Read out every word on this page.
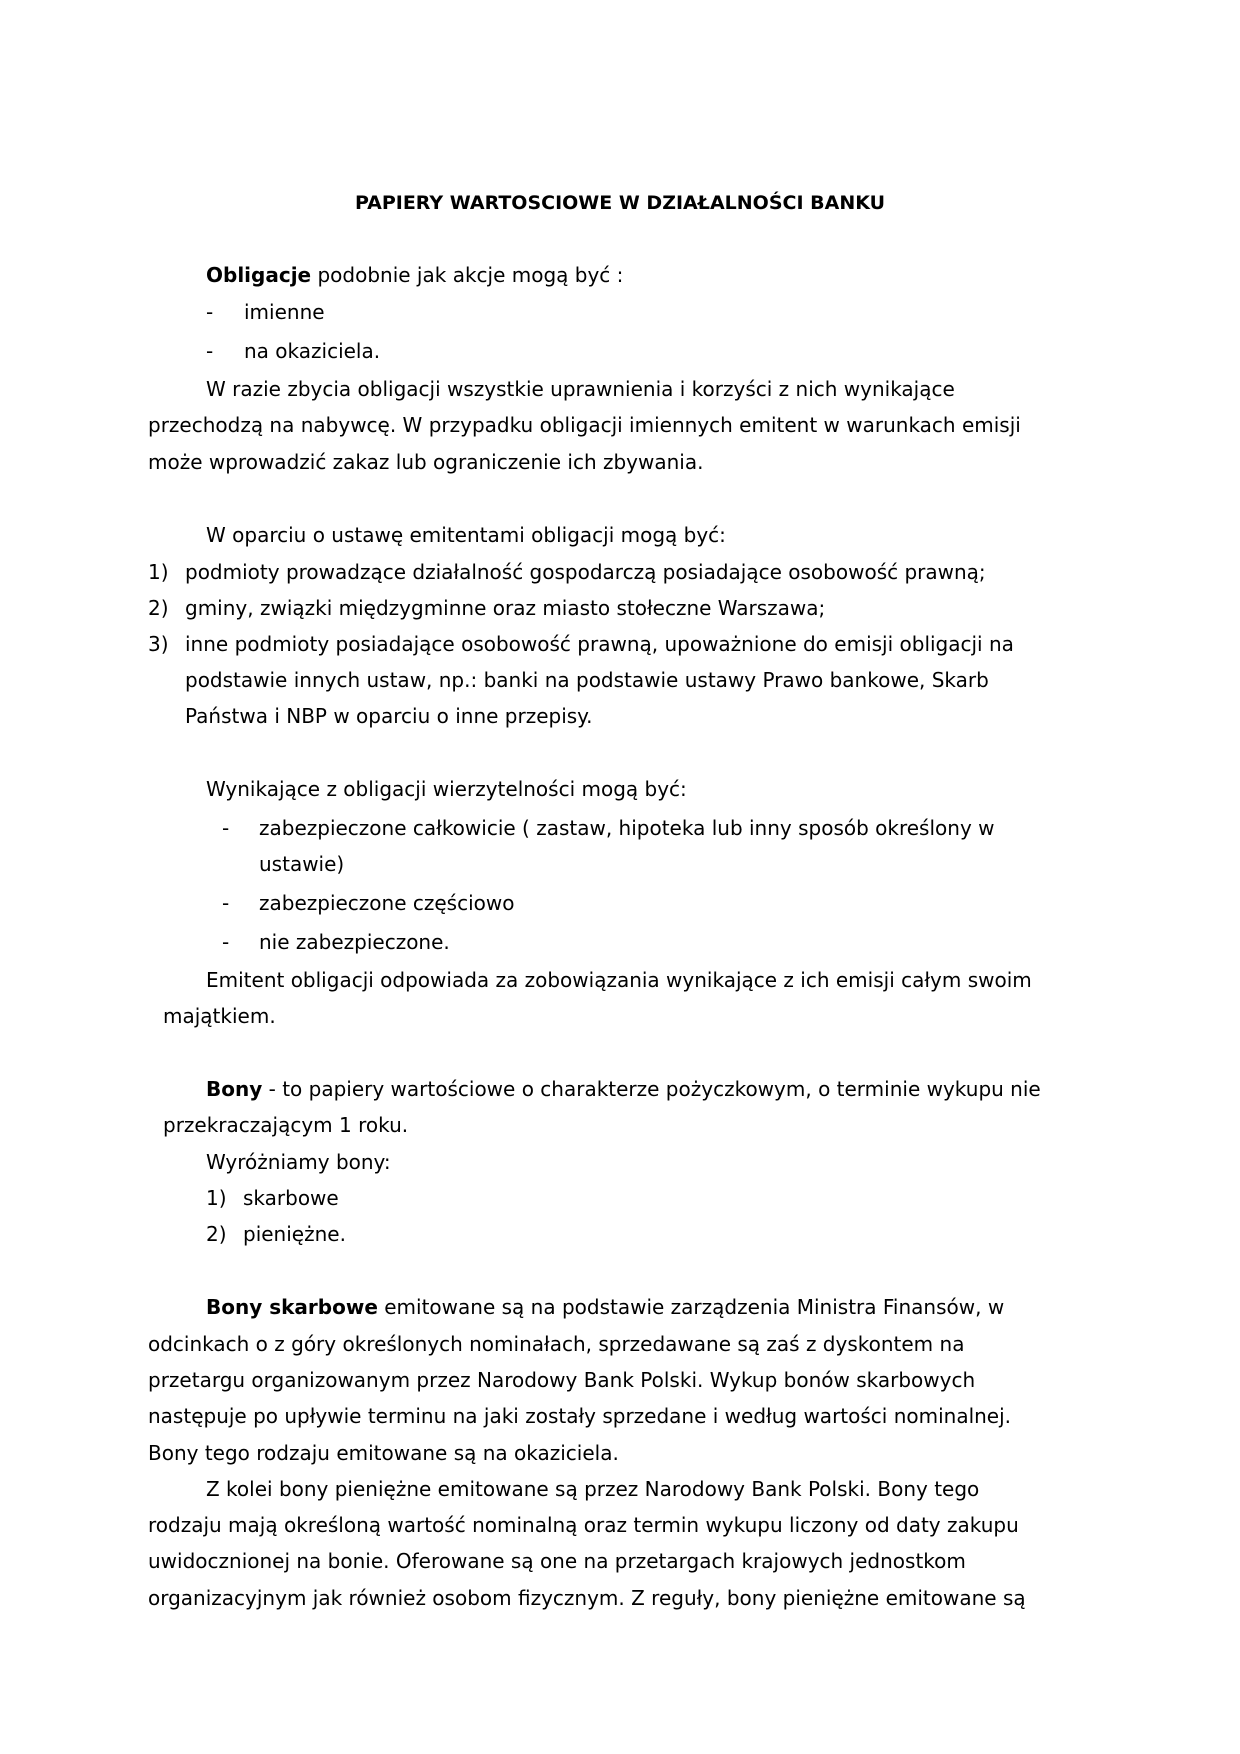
PAPIERY WARTOSCIOWE W DZIAŁALNOŚCI BANKU
Obligacje podobnie jak akcje mogą być :
- imienne
- na okaziciela.
W razie zbycia obligacji wszystkie uprawnienia i korzyści z nich wynikające
przechodzą na nabywcę. W przypadku obligacji imiennych emitent w warunkach emisji
może wprowadzić zakaz lub ograniczenie ich zbywania.
W oparciu o ustawę emitentami obligacji mogą być:
1) podmioty prowadzące działalność gospodarczą posiadające osobowość prawną;
2) gminy, związki międzygminne oraz miasto stołeczne Warszawa;
3) inne podmioty posiadające osobowość prawną, upoważnione do emisji obligacji na
podstawie innych ustaw, np.: banki na podstawie ustawy Prawo bankowe, Skarb
Państwa i NBP w oparciu o inne przepisy.
Wynikające z obligacji wierzytelności mogą być:
- zabezpieczone całkowicie ( zastaw, hipoteka lub inny sposób określony w
ustawie)
- zabezpieczone częściowo
- nie zabezpieczone.
Emitent obligacji odpowiada za zobowiązania wynikające z ich emisji całym swoim
majątkiem.
Bony - to papiery wartościowe o charakterze pożyczkowym, o terminie wykupu nie
przekraczającym 1 roku.
Wyróżniamy bony:
1) skarbowe
2) pieniężne.
Bony skarbowe emitowane są na podstawie zarządzenia Ministra Finansów, w
odcinkach o z góry określonych nominałach, sprzedawane są zaś z dyskontem na
przetargu organizowanym przez Narodowy Bank Polski. Wykup bonów skarbowych
następuje po upływie terminu na jaki zostały sprzedane i według wartości nominalnej.
Bony tego rodzaju emitowane są na okaziciela.
Z kolei bony pieniężne emitowane są przez Narodowy Bank Polski. Bony tego
rodzaju mają określoną wartość nominalną oraz termin wykupu liczony od daty zakupu
uwidocznionej na bonie. Oferowane są one na przetargach krajowych jednostkom
organizacyjnym jak również osobom fizycznym. Z reguły, bony pieniężne emitowane są
